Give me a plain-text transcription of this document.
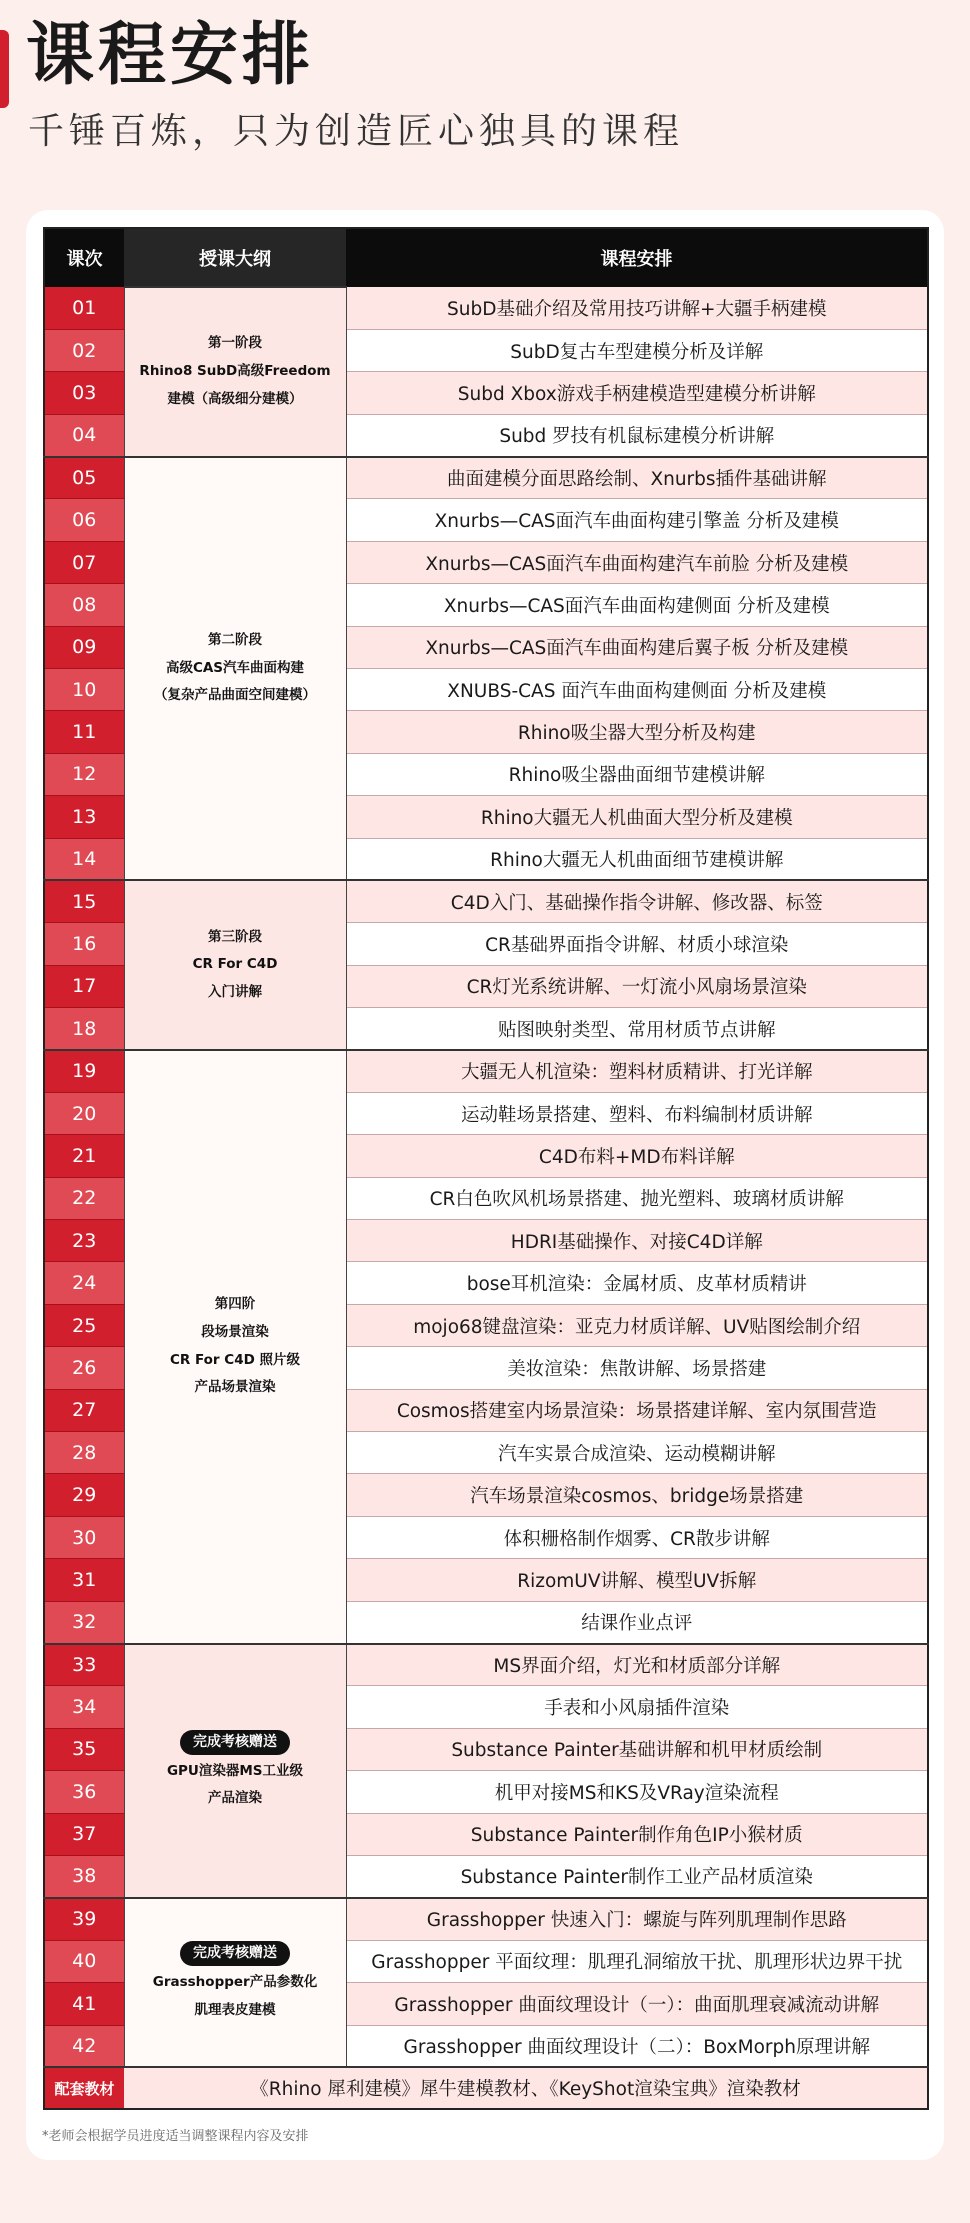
课程安排
千锤百炼，只为创造匠心独具的课程
课次	授课大纲	课程安排
01	第一阶段
Rhino8 SubD高级Freedom
建模（高级细分建模）	SubD基础介绍及常用技巧讲解+大疆手柄建模
02		SubD复古车型建模分析及详解
03		Subd Xbox游戏手柄建模造型建模分析讲解
04		Subd 罗技有机鼠标建模分析讲解
05	第二阶段
高级CAS汽车曲面构建
（复杂产品曲面空间建模）	曲面建模分面思路绘制、Xnurbs插件基础讲解
06		Xnurbs—CAS面汽车曲面构建引擎盖 分析及建模
07		Xnurbs—CAS面汽车曲面构建汽车前脸 分析及建模
08		Xnurbs—CAS面汽车曲面构建侧面 分析及建模
09		Xnurbs—CAS面汽车曲面构建后翼子板 分析及建模
10		XNUBS-CAS 面汽车曲面构建侧面 分析及建模
11		Rhino吸尘器大型分析及构建
12		Rhino吸尘器曲面细节建模讲解
13		Rhino大疆无人机曲面大型分析及建模
14		Rhino大疆无人机曲面细节建模讲解
15	第三阶段
CR For C4D
入门讲解	C4D入门、基础操作指令讲解、修改器、标签
16		CR基础界面指令讲解、材质小球渲染
17		CR灯光系统讲解、一灯流小风扇场景渲染
18		贴图映射类型、常用材质节点讲解
19	第四阶
段场景渲染
CR For C4D 照片级
产品场景渲染	大疆无人机渲染：塑料材质精讲、打光详解
20		运动鞋场景搭建、塑料、布料编制材质讲解
21		C4D布料+MD布料详解
22		CR白色吹风机场景搭建、抛光塑料、玻璃材质讲解
23		HDRI基础操作、对接C4D详解
24		bose耳机渲染：金属材质、皮革材质精讲
25		mojo68键盘渲染：亚克力材质详解、UV贴图绘制介绍
26		美妆渲染：焦散讲解、场景搭建
27		Cosmos搭建室内场景渲染：场景搭建详解、室内氛围营造
28		汽车实景合成渲染、运动模糊讲解
29		汽车场景渲染cosmos、bridge场景搭建
30		体积栅格制作烟雾、CR散步讲解
31		RizomUV讲解、模型UV拆解
32		结课作业点评
33	完成考核赠送
GPU渲染器MS工业级
产品渲染	MS界面介绍，灯光和材质部分详解
34		手表和小风扇插件渲染
35		Substance Painter基础讲解和机甲材质绘制
36		机甲对接MS和KS及VRay渲染流程
37		Substance Painter制作角色IP小猴材质
38		Substance Painter制作工业产品材质渲染
39	完成考核赠送
Grasshopper产品参数化
肌理表皮建模	Grasshopper 快速入门：螺旋与阵列肌理制作思路
40		Grasshopper 平面纹理：肌理孔洞缩放干扰、肌理形状边界干扰
41		Grasshopper 曲面纹理设计（一）：曲面肌理衰减流动讲解
42		Grasshopper 曲面纹理设计（二）：BoxMorph原理讲解
配套教材	《Rhino 犀利建模》犀牛建模教材、《KeyShot渲染宝典》渲染教材	
*老师会根据学员进度适当调整课程内容及安排
